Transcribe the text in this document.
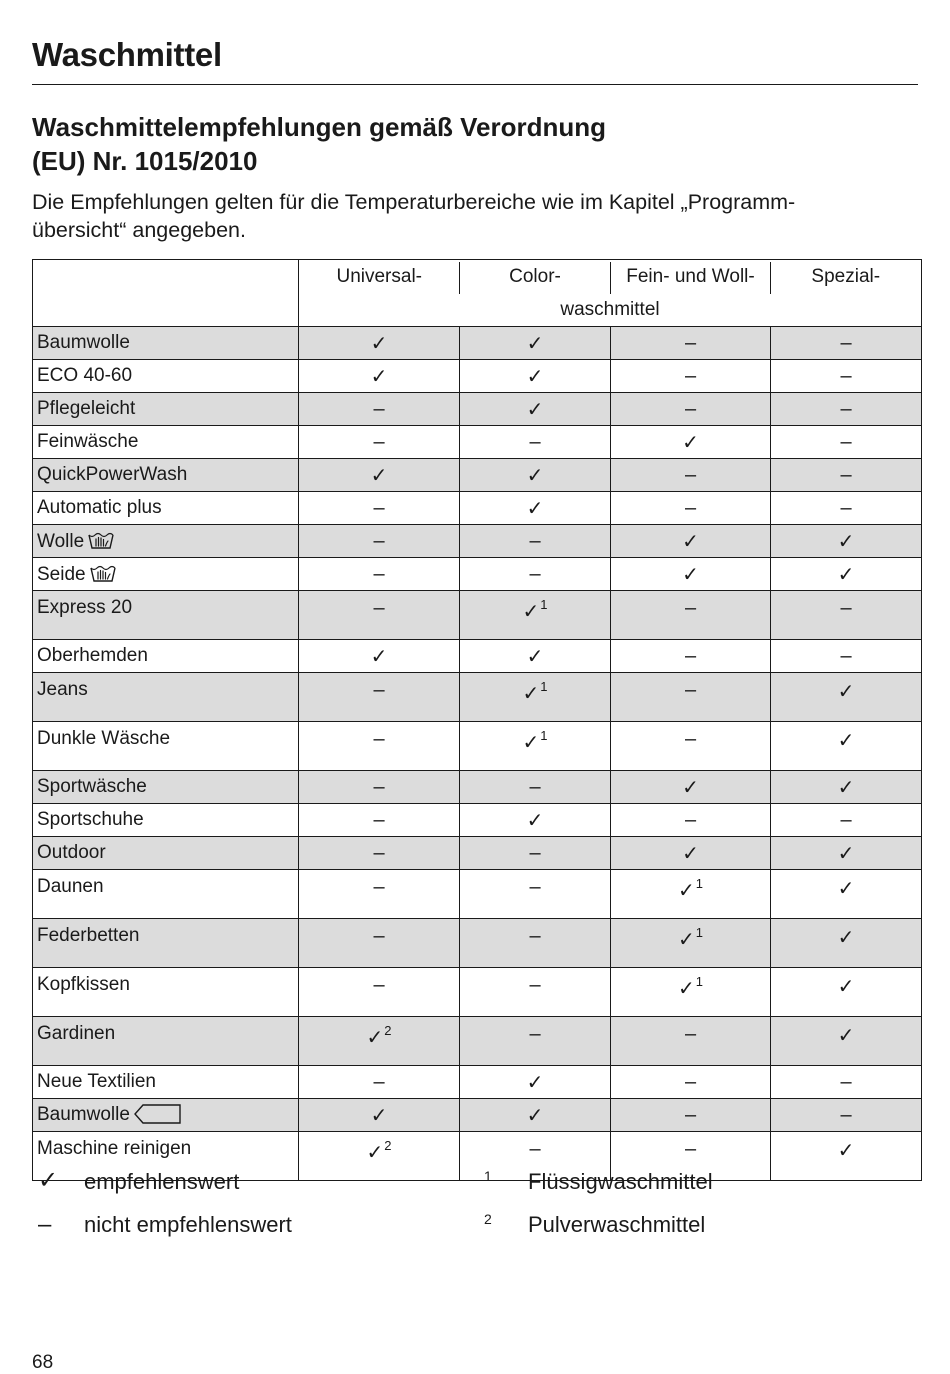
Waschmittel
Waschmittelempfehlungen gemäß Verordnung
(EU) Nr. 1015/2010
Die Empfehlungen gelten für die Temperaturbereiche wie im Kapitel „Programm-
übersicht“ angegeben.
	Universal-	Color-	Fein- und Woll-	Spezial-
	waschmittel			
Baumwolle	✓	✓	–	–
ECO 40-60	✓	✓	–	–
Pflegeleicht	–	✓	–	–
Feinwäsche	–	–	✓	–
QuickPowerWash	✓	✓	–	–
Automatic plus	–	✓	–	–
Wolle	–	–	✓	✓
Seide	–	–	✓	✓
Express 20	–	✓$^1$	–	–
Oberhemden	✓	✓	–	–
Jeans	–	✓$^1$	–	✓
Dunkle Wäsche	–	✓$^1$	–	✓
Sportwäsche	–	–	✓	✓
Sportschuhe	–	✓	–	–
Outdoor	–	–	✓	✓
Daunen	–	–	✓$^1$	✓
Federbetten	–	–	✓$^1$	✓
Kopfkissen	–	–	✓$^1$	✓
Gardinen	✓$^2$	–	–	✓
Neue Textilien	–	✓	–	–
Baumwolle	✓	✓	–	–
Maschine reinigen	✓$^2$	–	–	✓
✓ empfehlenswert
– nicht empfehlenswert
1 Flüssigwaschmittel
2 Pulverwaschmittel
68
